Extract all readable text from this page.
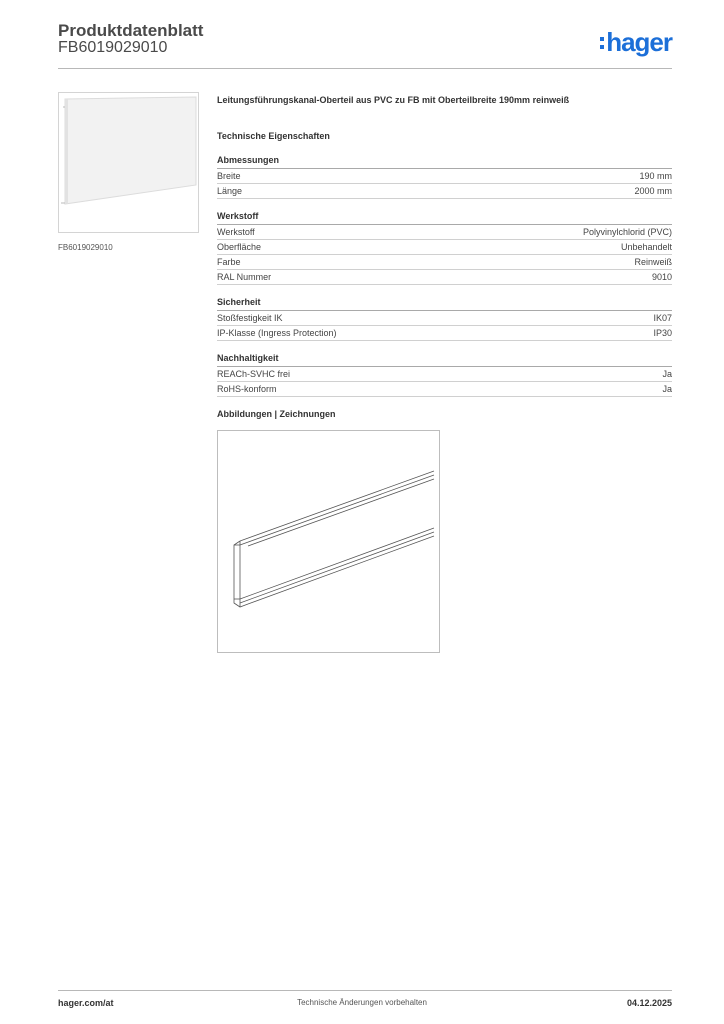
Produktdatenblatt
FB6019029010	hager
FB6019029010
Leitungsführungskanal-Oberteil aus PVC zu FB mit Oberteilbreite 190mm reinweiß
Technische Eigenschaften
Abmessungen
Breite	190 mm
Länge	2000 mm
Werkstoff
Werkstoff	Polyvinylchlorid (PVC)
Oberfläche	Unbehandelt
Farbe	Reinweiß
RAL Nummer	9010
Sicherheit
Stoßfestigkeit IK	IK07
IP-Klasse (Ingress Protection)	IP30
Nachhaltigkeit
REACh-SVHC frei	Ja
RoHS-konform	Ja
Abbildungen | Zeichnungen
hager.com/at	Technische Änderungen vorbehalten	04.12.2025
